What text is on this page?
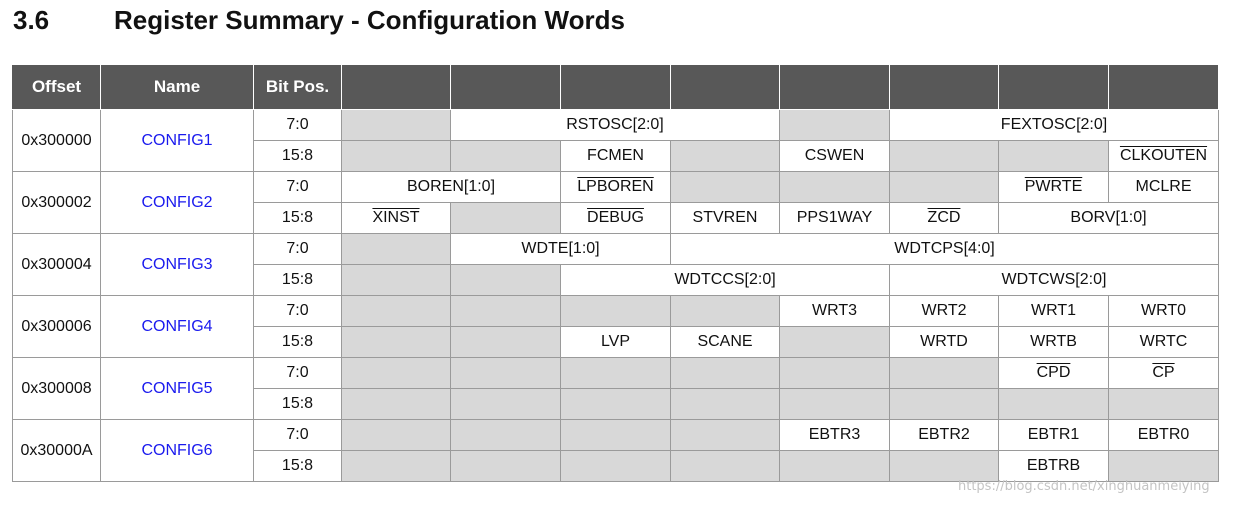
3.6	Register Summary - Configuration Words
Offset	Name	Bit Pos.								
0x300000	CONFIG1	7:0		RSTOSC[2:0]				FEXTOSC[2:0]		
		15:8			FCMEN		CSWEN			CLKOUTEN
0x300002	CONFIG2	7:0	BOREN[1:0]		LPBOREN				PWRTE	MCLRE
		15:8	XINST		DEBUG	STVREN	PPS1WAY	$\overline{ZCD}$	BORV[1:0]	
0x300004	CONFIG3	7:0		WDTE[1:0]		WDTCPS[4:0]				
		15:8			WDTCCS[2:0]			WDTCWS[2:0]		
0x300006	CONFIG4	7:0					WRT3	WRT2	WRT1	WRT0
		15:8			LVP	SCANE		WRTD	WRTB	WRTC
0x300008	CONFIG5	7:0							$\overline{CPD}$	$\overline{CP}$
		15:8								
0x30000A	CONFIG6	7:0					EBTR3	EBTR2	EBTR1	EBTR0
		15:8							EBTRB	
https://blog.csdn.net/xinghuanmeiying
